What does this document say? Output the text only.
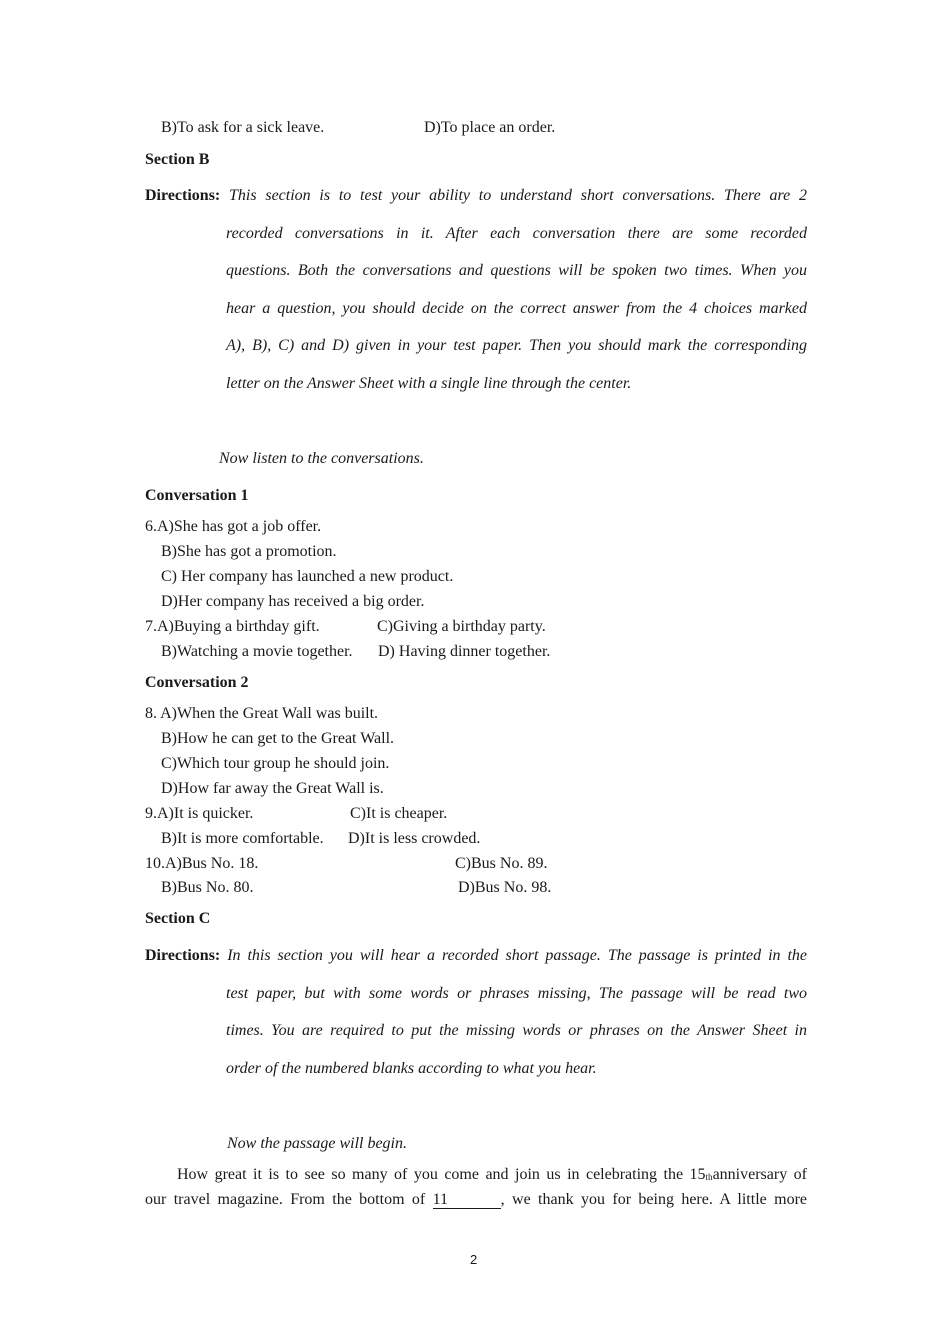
B)To ask for a sick leave.	D)To place an order.
Section B
Directions: This section is to test your ability to understand short conversations. There are 2
recorded conversations in it. After each conversation there are some recorded
questions. Both the conversations and questions will be spoken two times. When you
hear a question, you should decide on the correct answer from the 4 choices marked
A), B), C) and D) given in your test paper. Then you should mark the corresponding
letter on the Answer Sheet with a single line through the center.
Now listen to the conversations.
Conversation 1
6.A)She has got a job offer.
B)She has got a promotion.
C) Her company has launched a new product.
D)Her company has received a big order.
7.A)Buying a birthday gift.	C)Giving a birthday party.
B)Watching a movie together. D) Having dinner together.
Conversation 2
8. A)When the Great Wall was built.
B)How he can get to the Great Wall.
C)Which tour group he should join.
D)How far away the Great Wall is.
9.A)It is quicker.	C)It is cheaper.
B)It is more comfortable. D)It is less crowded.
10.A)Bus No. 18.	C)Bus No. 89.
B)Bus No. 80.	D)Bus No. 98.
Section C
Directions: In this section you will hear a recorded short passage. The passage is printed in the
test paper, but with some words or phrases missing, The passage will be read two
times. You are required to put the missing words or phrases on the Answer Sheet in
order of the numbered blanks according to what you hear.
Now the passage will begin.
How great it is to see so many of you come and join us in celebrating the 15thanniversary of
our travel magazine. From the bottom of 11	, we thank you for being here. A little more
2
